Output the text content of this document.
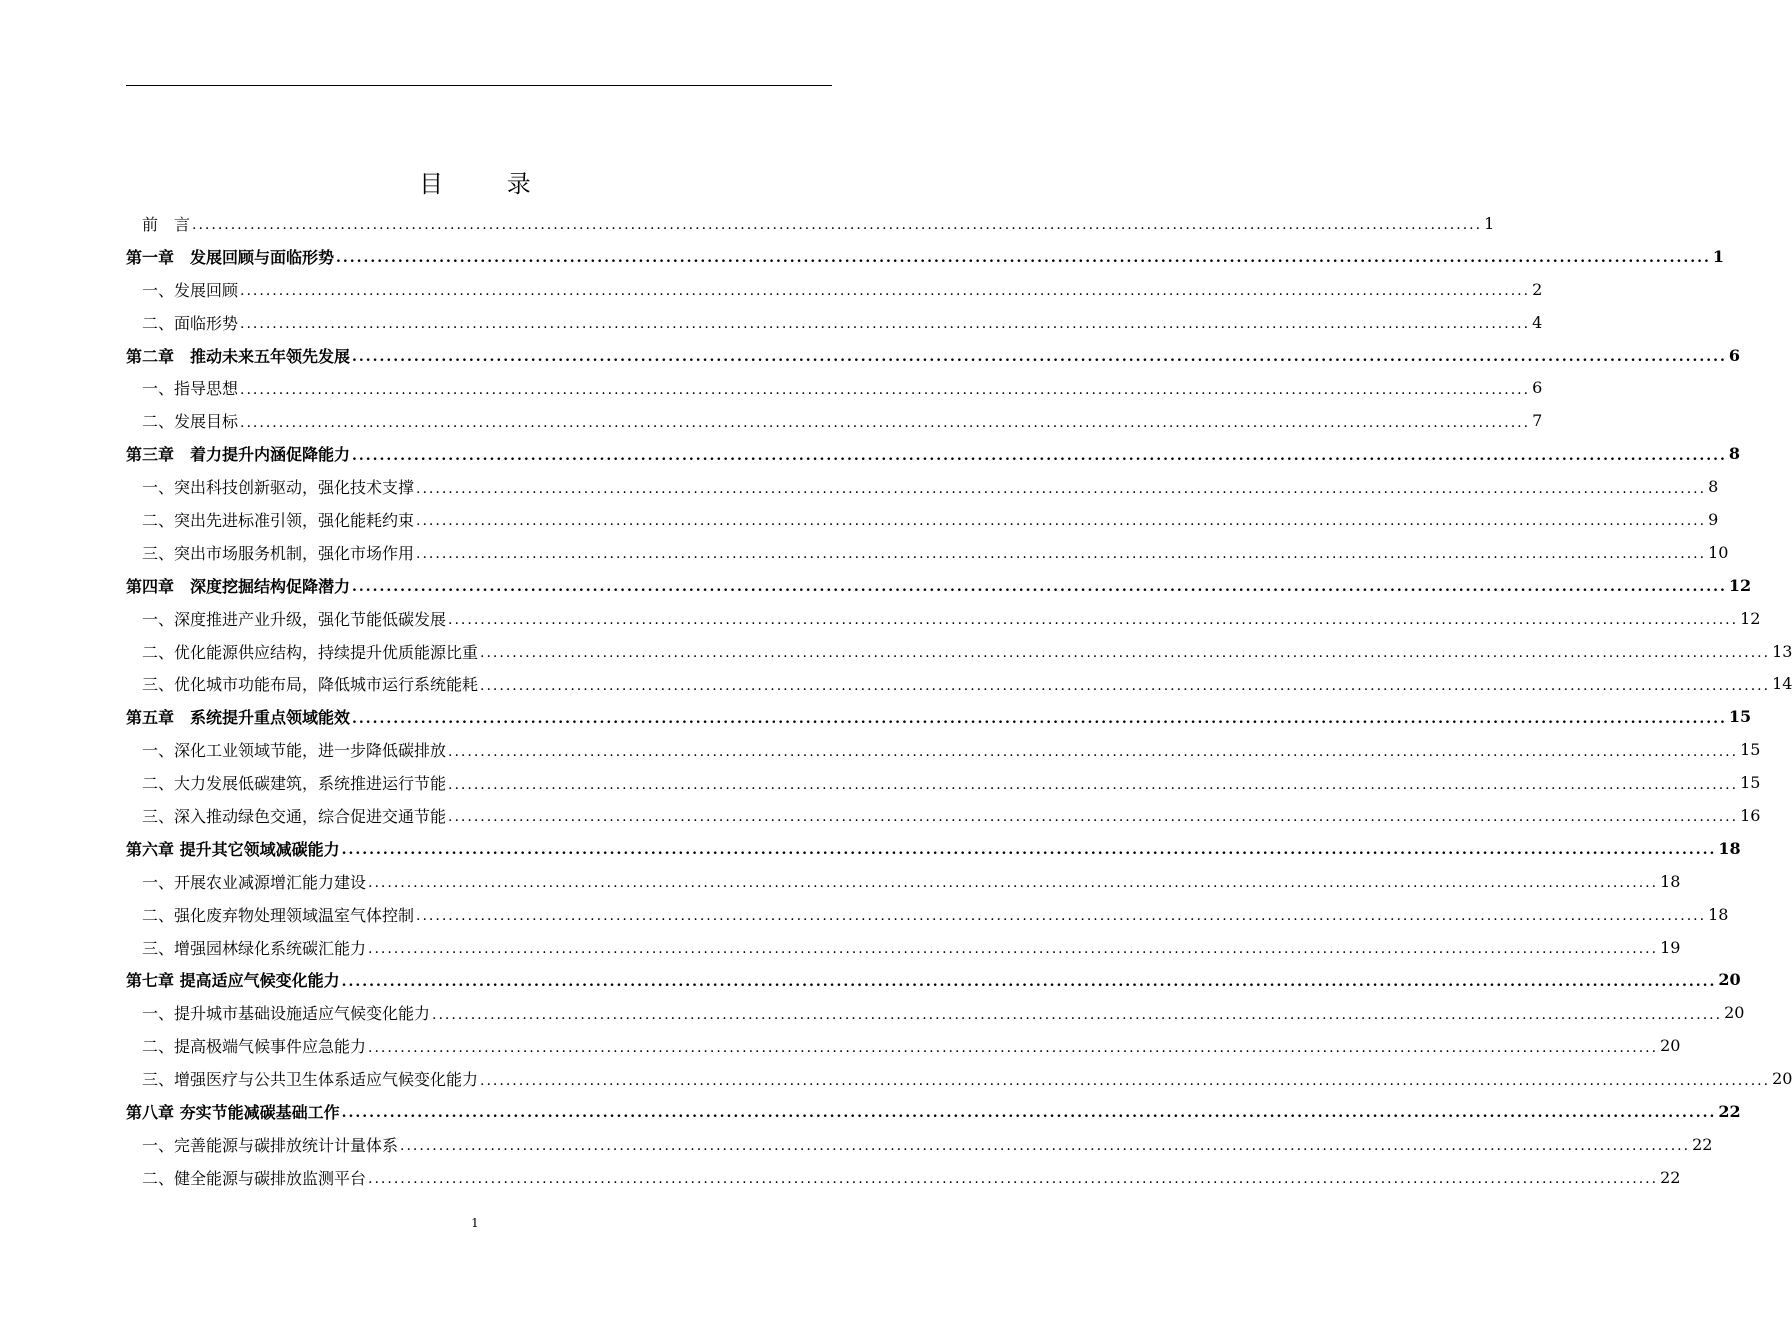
目 录
前　言 ........................................................................................................................................................................................................ 1
第一章　发展回顾与面临形势 ........................................................................................................................................................................................................ 1
一、发展回顾 ........................................................................................................................................................................................................ 2
二、面临形势 ........................................................................................................................................................................................................ 4
第二章　推动未来五年领先发展 ........................................................................................................................................................................................................ 6
一、指导思想 ........................................................................................................................................................................................................ 6
二、发展目标 ........................................................................................................................................................................................................ 7
第三章　着力提升内涵促降能力 ........................................................................................................................................................................................................ 8
一、突出科技创新驱动，强化技术支撑 ........................................................................................................................................................................................................ 8
二、突出先进标准引领，强化能耗约束 ........................................................................................................................................................................................................ 9
三、突出市场服务机制，强化市场作用 ........................................................................................................................................................................................................ 10
第四章　深度挖掘结构促降潜力 ........................................................................................................................................................................................................ 12
一、深度推进产业升级，强化节能低碳发展 ........................................................................................................................................................................................................ 12
二、优化能源供应结构，持续提升优质能源比重 ........................................................................................................................................................................................................ 13
三、优化城市功能布局，降低城市运行系统能耗 ........................................................................................................................................................................................................ 14
第五章　系统提升重点领域能效 ........................................................................................................................................................................................................ 15
一、深化工业领域节能，进一步降低碳排放 ........................................................................................................................................................................................................ 15
二、大力发展低碳建筑，系统推进运行节能 ........................................................................................................................................................................................................ 15
三、深入推动绿色交通，综合促进交通节能 ........................................................................................................................................................................................................ 16
第六章 提升其它领域减碳能力 ........................................................................................................................................................................................................ 18
一、开展农业减源增汇能力建设 ........................................................................................................................................................................................................ 18
二、强化废弃物处理领域温室气体控制 ........................................................................................................................................................................................................ 18
三、增强园林绿化系统碳汇能力 ........................................................................................................................................................................................................ 19
第七章 提高适应气候变化能力 ........................................................................................................................................................................................................ 20
一、提升城市基础设施适应气候变化能力 ........................................................................................................................................................................................................ 20
二、提高极端气候事件应急能力 ........................................................................................................................................................................................................ 20
三、增强医疗与公共卫生体系适应气候变化能力 ........................................................................................................................................................................................................ 20
第八章 夯实节能减碳基础工作 ........................................................................................................................................................................................................ 22
一、完善能源与碳排放统计计量体系 ........................................................................................................................................................................................................ 22
二、健全能源与碳排放监测平台 ........................................................................................................................................................................................................ 22
1
